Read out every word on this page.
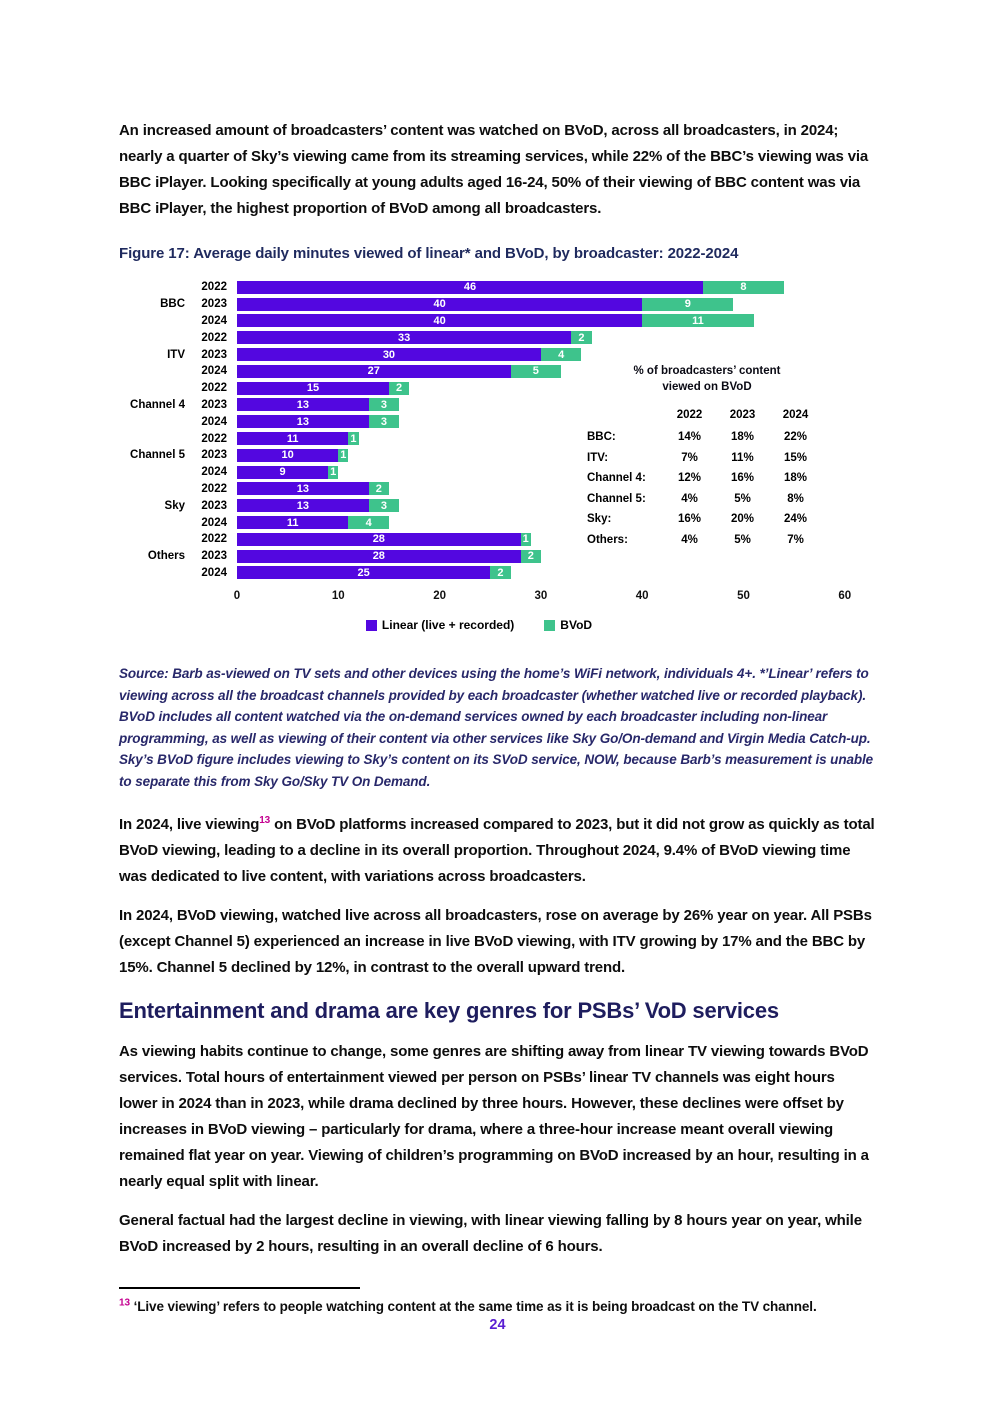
An increased amount of broadcasters’ content was watched on BVoD, across all broadcasters, in 2024; nearly a quarter of Sky’s viewing came from its streaming services, while 22% of the BBC’s viewing was via BBC iPlayer. Looking specifically at young adults aged 16-24, 50% of their viewing of BBC content was via BBC iPlayer, the highest proportion of BVoD among all broadcasters.

Figure 17: Average daily minutes viewed of linear* and BVoD, by broadcaster: 2022-2024
BBC
ITV
Channel 4
Channel 5
Sky
Others
2022	46	8
2023	40	9
2024	40	11
2022	33	2
2023	30	4
2024	27	5
2022	15	2
2023	13	3
2024	13	3
2022	11	1
2023	10	1
2024	9	1
2022	13	2
2023	13	3
2024	11	4
2022	28	1
2023	28	2
2024	25	2
0	10	20	30	40	50	60
Linear (live + recorded)	BVoD
% of broadcasters’ content
viewed on BVoD
2022	2023	2024
BBC:	14%	18%	22%
ITV:	7%	11%	15%
Channel 4:	12%	16%	18%
Channel 5:	4%	5%	8%
Sky:	16%	20%	24%
Others:	4%	5%	7%

Source: Barb as-viewed on TV sets and other devices using the home’s WiFi network, individuals 4+. *’Linear’ refers to viewing across all the broadcast channels provided by each broadcaster (whether watched live or recorded playback). BVoD includes all content watched via the on-demand services owned by each broadcaster including non-linear programming, as well as viewing of their content via other services like Sky Go/On-demand and Virgin Media Catch-up. Sky’s BVoD figure includes viewing to Sky’s content on its SVoD service, NOW, because Barb’s measurement is unable to separate this from Sky Go/Sky TV On Demand.

In 2024, live viewing$^{13}$ on BVoD platforms increased compared to 2023, but it did not grow as quickly as total BVoD viewing, leading to a decline in its overall proportion. Throughout 2024, 9.4% of BVoD viewing time was dedicated to live content, with variations across broadcasters.

In 2024, BVoD viewing, watched live across all broadcasters, rose on average by 26% year on year. All PSBs (except Channel 5) experienced an increase in live BVoD viewing, with ITV growing by 17% and the BBC by 15%. Channel 5 declined by 12%, in contrast to the overall upward trend.

Entertainment and drama are key genres for PSBs’ VoD services

As viewing habits continue to change, some genres are shifting away from linear TV viewing towards BVoD services. Total hours of entertainment viewed per person on PSBs’ linear TV channels was eight hours lower in 2024 than in 2023, while drama declined by three hours. However, these declines were offset by increases in BVoD viewing – particularly for drama, where a three-hour increase meant overall viewing remained flat year on year. Viewing of children’s programming on BVoD increased by an hour, resulting in a nearly equal split with linear.

General factual had the largest decline in viewing, with linear viewing falling by 8 hours year on year, while BVoD increased by 2 hours, resulting in an overall decline of 6 hours.

$^{13}$ ‘Live viewing’ refers to people watching content at the same time as it is being broadcast on the TV channel.
24
